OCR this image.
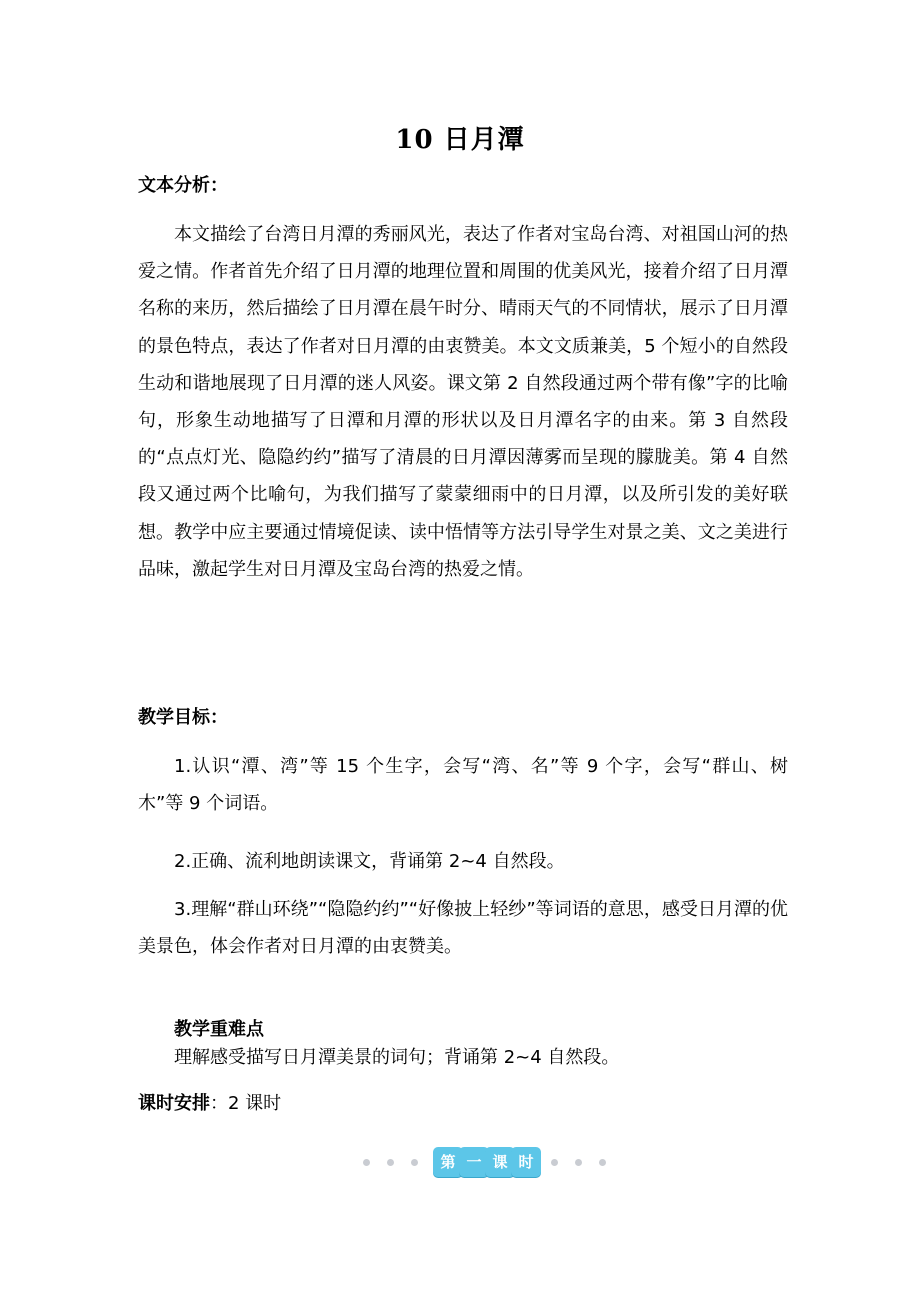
10 日月潭
文本分析：
本文描绘了台湾日月潭的秀丽风光，表达了作者对宝岛台湾、对祖国山河的热爱之情。作者首先介绍了日月潭的地理位置和周围的优美风光，接着介绍了日月潭名称的来历，然后描绘了日月潭在晨午时分、晴雨天气的不同情状，展示了日月潭的景色特点，表达了作者对日月潭的由衷赞美。本文文质兼美，5 个短小的自然段生动和谐地展现了日月潭的迷人风姿。课文第 2 自然段通过两个带有像”字的比喻句，形象生动地描写了日潭和月潭的形状以及日月潭名字的由来。第 3 自然段的“点点灯光、隐隐约约”描写了清晨的日月潭因薄雾而呈现的朦胧美。第 4 自然段又通过两个比喻句，为我们描写了蒙蒙细雨中的日月潭，以及所引发的美好联想。教学中应主要通过情境促读、读中悟情等方法引导学生对景之美、文之美进行品味，激起学生对日月潭及宝岛台湾的热爱之情。
教学目标：
1.认识“潭、湾”等 15 个生字，会写“湾、名”等 9 个字，会写“群山、树木”等 9 个词语。
2.正确、流利地朗读课文，背诵第 2~4 自然段。
3.理解“群山环绕”“隐隐约约”“好像披上轻纱”等词语的意思，感受日月潭的优美景色，体会作者对日月潭的由衷赞美。
教学重难点
理解感受描写日月潭美景的词句；背诵第 2~4 自然段。
课时安排：2 课时
第 一 课 时
